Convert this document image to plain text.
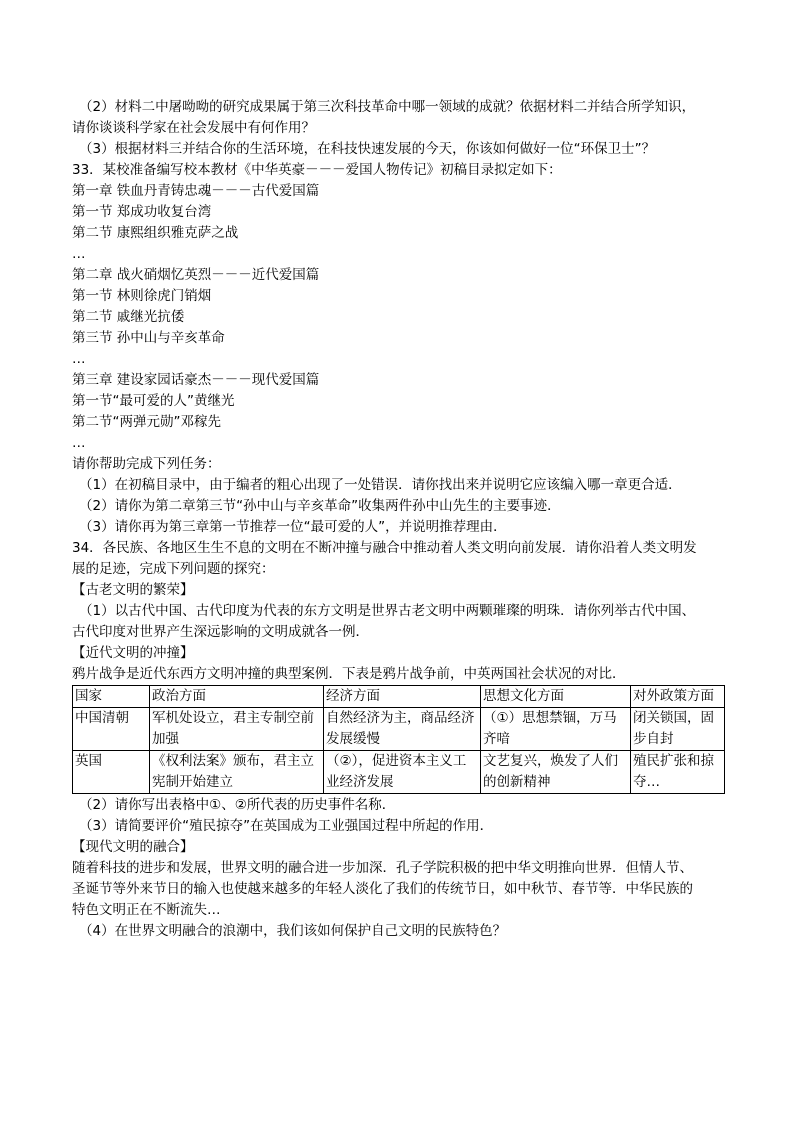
（2）材料二中屠呦呦的研究成果属于第三次科技革命中哪一领域的成就？依据材料二并结合所学知识，
请你谈谈科学家在社会发展中有何作用？
（3）根据材料三并结合你的生活环境，在科技快速发展的今天，你该如何做好一位“环保卫士”？
33．某校准备编写校本教材《中华英豪－－－爱国人物传记》初稿目录拟定如下：
第一章 铁血丹青铸忠魂－－－古代爱国篇
第一节 郑成功收复台湾
第二节 康熙组织雅克萨之战
…
第二章 战火硝烟忆英烈－－－近代爱国篇
第一节 林则徐虎门销烟
第二节 戚继光抗倭
第三节 孙中山与辛亥革命
…
第三章 建设家园话豪杰－－－现代爱国篇
第一节“最可爱的人”黄继光
第二节“两弹元勋”邓稼先
…
请你帮助完成下列任务：
（1）在初稿目录中，由于编者的粗心出现了一处错误．请你找出来并说明它应该编入哪一章更合适．
（2）请你为第二章第三节“孙中山与辛亥革命”收集两件孙中山先生的主要事迹．
（3）请你再为第三章第一节推荐一位“最可爱的人”，并说明推荐理由．
34．各民族、各地区生生不息的文明在不断冲撞与融合中推动着人类文明向前发展．请你沿着人类文明发
展的足迹，完成下列问题的探究：
【古老文明的繁荣】
（1）以古代中国、古代印度为代表的东方文明是世界古老文明中两颗璀璨的明珠．请你列举古代中国、
古代印度对世界产生深远影响的文明成就各一例．
【近代文明的冲撞】
鸦片战争是近代东西方文明冲撞的典型案例．下表是鸦片战争前，中英两国社会状况的对比．
国家	政治方面	经济方面	思想文化方面	对外政策方面
中国清朝	军机处设立，君主专制空前加强	自然经济为主，商品经济发展缓慢	（①）思想禁锢，万马齐喑	闭关锁国，固步自封
英国	《权利法案》颁布，君主立宪制开始建立	（②），促进资本主义工业经济发展	文艺复兴，焕发了人们的创新精神	殖民扩张和掠夺…
（2）请你写出表格中①、②所代表的历史事件名称．
（3）请简要评价“殖民掠夺”在英国成为工业强国过程中所起的作用．
【现代文明的融合】
随着科技的进步和发展，世界文明的融合进一步加深．孔子学院积极的把中华文明推向世界．但情人节、
圣诞节等外来节日的输入也使越来越多的年轻人淡化了我们的传统节日，如中秋节、春节等．中华民族的
特色文明正在不断流失…
（4）在世界文明融合的浪潮中，我们该如何保护自己文明的民族特色？
